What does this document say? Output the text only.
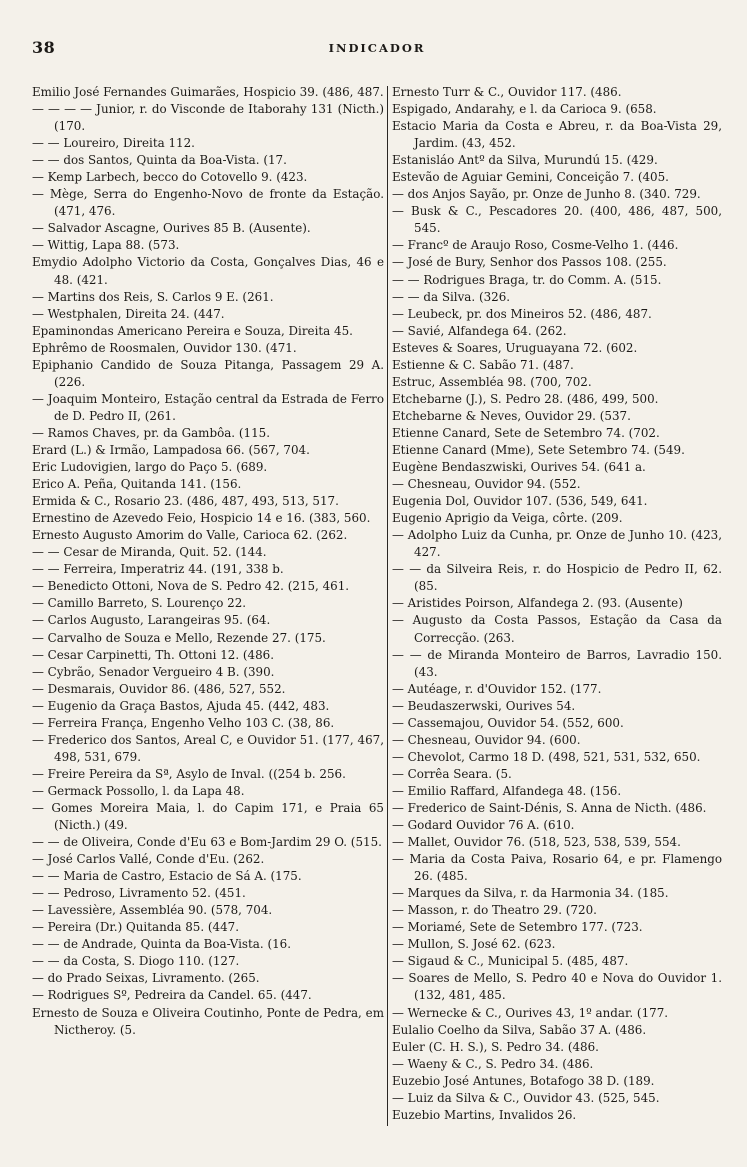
38	INDICADOR
Emilio José Fernandes Guimarães, Hospicio 39. (486, 487.
— — — — Junior, r. do Visconde de Itaborahy 131 (Nicth.) (170.
— — Loureiro, Direita 112.
— — dos Santos, Quinta da Boa-Vista. (17.
— Kemp Larbech, becco do Cotovello 9. (423.
— Mège, Serra do Engenho-Novo de fronte da Estação. (471, 476.
— Salvador Ascagne, Ourives 85 B. (Ausente).
— Wittig, Lapa 88. (573.
Emydio Adolpho Victorio da Costa, Gonçalves Dias, 46 e 48. (421.
— Martins dos Reis, S. Carlos 9 E. (261.
— Westphalen, Direita 24. (447.
Epaminondas Americano Pereira e Souza, Direita 45.
Ephrêmo de Roosmalen, Ouvidor 130. (471.
Epiphanio Candido de Souza Pitanga, Passagem 29 A. (226.
— Joaquim Monteiro, Estação central da Estrada de Ferro de D. Pedro II, (261.
— Ramos Chaves, pr. da Gambôa. (115.
Erard (L.) & Irmão, Lampadosa 66. (567, 704.
Eric Ludovigien, largo do Paço 5. (689.
Erico A. Peña, Quitanda 141. (156.
Ermida & C., Rosario 23. (486, 487, 493, 513, 517.
Ernestino de Azevedo Feio, Hospicio 14 e 16. (383, 560.
Ernesto Augusto Amorim do Valle, Carioca 62. (262.
— — Cesar de Miranda, Quit. 52. (144.
— — Ferreira, Imperatriz 44. (191, 338 b.
— Benedicto Ottoni, Nova de S. Pedro 42. (215, 461.
— Camillo Barreto, S. Lourenço 22.
— Carlos Augusto, Larangeiras 95. (64.
— Carvalho de Souza e Mello, Rezende 27. (175.
— Cesar Carpinetti, Th. Ottoni 12. (486.
— Cybrão, Senador Vergueiro 4 B. (390.
— Desmarais, Ouvidor 86. (486, 527, 552.
— Eugenio da Graça Bastos, Ajuda 45. (442, 483.
— Ferreira França, Engenho Velho 103 C. (38, 86.
— Frederico dos Santos, Areal C, e Ouvidor 51. (177, 467, 498, 531, 679.
— Freire Pereira da Sª, Asylo de Inval. ((254 b. 256.
— Germack Possollo, l. da Lapa 48.
— Gomes Moreira Maia, l. do Capim 171, e Praia 65 (Nicth.) (49.
— — de Oliveira, Conde d'Eu 63 e Bom-Jardim 29 O. (515.
— José Carlos Vallé, Conde d'Eu. (262.
— — Maria de Castro, Estacio de Sá A. (175.
— — Pedroso, Livramento 52. (451.
— Lavessière, Assembléa 90. (578, 704.
— Pereira (Dr.) Quitanda 85. (447.
— — de Andrade, Quinta da Boa-Vista. (16.
— — da Costa, S. Diogo 110. (127.
— do Prado Seixas, Livramento. (265.
— Rodrigues Sº, Pedreira da Candel. 65. (447.
Ernesto de Souza e Oliveira Coutinho, Ponte de Pedra, em Nictheroy. (5.
Ernesto Turr & C., Ouvidor 117. (486.
Espigado, Andarahy, e l. da Carioca 9. (658.
Estacio Maria da Costa e Abreu, r. da Boa-Vista 29, Jardim. (43, 452.
Estanisláo Antº da Silva, Murundú 15. (429.
Estevão de Aguiar Gemini, Conceição 7. (405.
— dos Anjos Sayão, pr. Onze de Junho 8. (340. 729.
— Busk & C., Pescadores 20. (400, 486, 487, 500, 545.
— Francº de Araujo Roso, Cosme-Velho 1. (446.
— José de Bury, Senhor dos Passos 108. (255.
— — Rodrigues Braga, tr. do Comm. A. (515.
— — da Silva. (326.
— Leubeck, pr. dos Mineiros 52. (486, 487.
— Savié, Alfandega 64. (262.
Esteves & Soares, Uruguayana 72. (602.
Estienne & C. Sabão 71. (487.
Estruc, Assembléa 98. (700, 702.
Etchebarne (J.), S. Pedro 28. (486, 499, 500.
Etchebarne & Neves, Ouvidor 29. (537.
Etienne Canard, Sete de Setembro 74. (702.
Etienne Canard (Mme), Sete Setembro 74. (549.
Eugène Bendaszwiski, Ourives 54. (641 a.
— Chesneau, Ouvidor 94. (552.
Eugenia Dol, Ouvidor 107. (536, 549, 641.
Eugenio Aprigio da Veiga, côrte. (209.
— Adolpho Luiz da Cunha, pr. Onze de Junho 10. (423, 427.
— — da Silveira Reis, r. do Hospicio de Pedro II, 62. (85.
— Aristides Poirson, Alfandega 2. (93. (Ausente)
— Augusto da Costa Passos, Estação da Casa da Correcção. (263.
— — de Miranda Monteiro de Barros, Lavradio 150. (43.
— Autéage, r. d'Ouvidor 152. (177.
— Beudaszerwski, Ourives 54.
— Cassemajou, Ouvidor 54. (552, 600.
— Chesneau, Ouvidor 94. (600.
— Chevolot, Carmo 18 D. (498, 521, 531, 532, 650.
— Corrêa Seara. (5.
— Emilio Raffard, Alfandega 48. (156.
— Frederico de Saint-Dénis, S. Anna de Nicth. (486.
— Godard Ouvidor 76 A. (610.
— Mallet, Ouvidor 76. (518, 523, 538, 539, 554.
— Maria da Costa Paiva, Rosario 64, e pr. Flamengo 26. (485.
— Marques da Silva, r. da Harmonia 34. (185.
— Masson, r. do Theatro 29. (720.
— Moriamé, Sete de Setembro 177. (723.
— Mullon, S. José 62. (623.
— Sigaud & C., Municipal 5. (485, 487.
— Soares de Mello, S. Pedro 40 e Nova do Ouvidor 1. (132, 481, 485.
— Wernecke & C., Ourives 43, 1º andar. (177.
Eulalio Coelho da Silva, Sabão 37 A. (486.
Euler (C. H. S.), S. Pedro 34. (486.
— Waeny & C., S. Pedro 34. (486.
Euzebio José Antunes, Botafogo 38 D. (189.
— Luiz da Silva & C., Ouvidor 43. (525, 545.
Euzebio Martins, Invalidos 26.
